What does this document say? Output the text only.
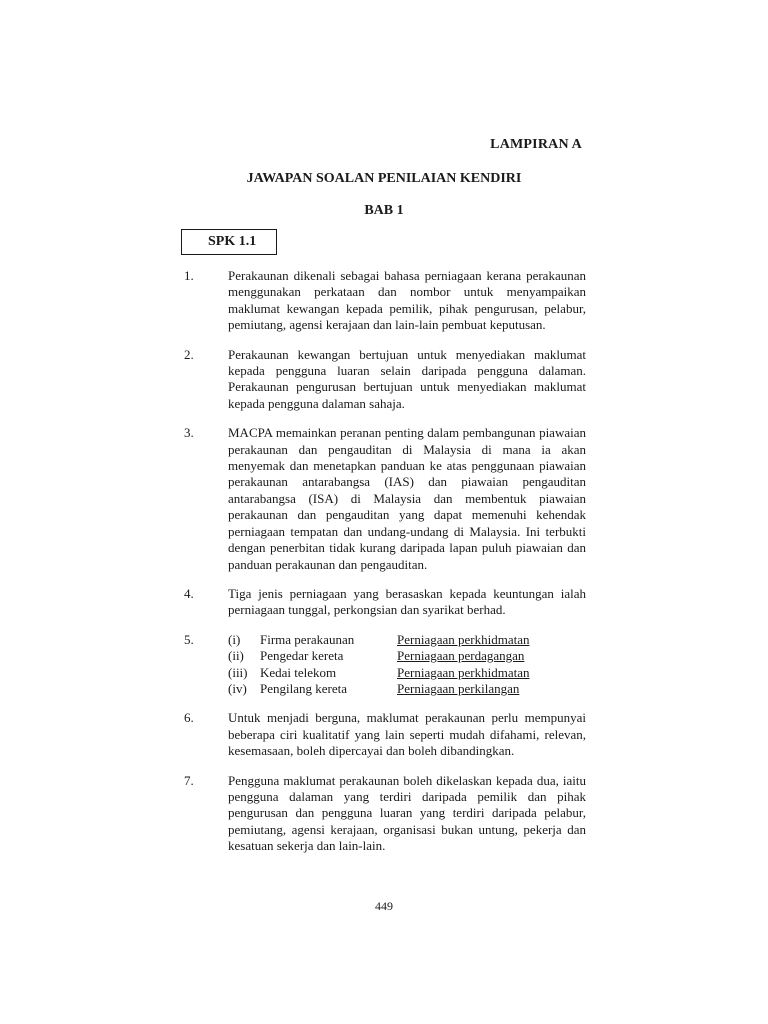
LAMPIRAN A
JAWAPAN SOALAN PENILAIAN KENDIRI
BAB 1
SPK 1.1
1.	Perakaunan dikenali sebagai bahasa perniagaan kerana perakaunan menggunakan perkataan dan nombor untuk menyampaikan maklumat kewangan kepada pemilik, pihak pengurusan, pelabur, pemiutang, agensi kerajaan dan lain-lain pembuat keputusan.
2.	Perakaunan kewangan bertujuan untuk menyediakan maklumat kepada pengguna luaran selain daripada pengguna dalaman. Perakaunan pengurusan bertujuan untuk menyediakan maklumat kepada pengguna dalaman sahaja.
3.	MACPA memainkan peranan penting dalam pembangunan piawaian perakaunan dan pengauditan di Malaysia di mana ia akan menyemak dan menetapkan panduan ke atas penggunaan piawaian perakaunan antarabangsa (IAS) dan piawaian pengauditan antarabangsa (ISA) di Malaysia dan membentuk piawaian perakaunan dan pengauditan yang dapat memenuhi kehendak perniagaan tempatan dan undang-undang di Malaysia. Ini terbukti dengan penerbitan tidak kurang daripada lapan puluh piawaian dan panduan perakaunan dan pengauditan.
4.	Tiga jenis perniagaan yang berasaskan kepada keuntungan ialah perniagaan tunggal, perkongsian dan syarikat berhad.
5.	(i)	Firma perakaunan	Perniagaan perkhidmatan
(ii)	Pengedar kereta	Perniagaan perdagangan
(iii)	Kedai telekom	Perniagaan perkhidmatan
(iv)	Pengilang kereta	Perniagaan perkilangan
6.	Untuk menjadi berguna, maklumat perakaunan perlu mempunyai beberapa ciri kualitatif yang lain seperti mudah difahami, relevan, kesemasaan, boleh dipercayai dan boleh dibandingkan.
7.	Pengguna maklumat perakaunan boleh dikelaskan kepada dua, iaitu pengguna dalaman yang terdiri daripada pemilik dan pihak pengurusan dan pengguna luaran yang terdiri daripada pelabur, pemiutang, agensi kerajaan, organisasi bukan untung, pekerja dan kesatuan sekerja dan lain-lain.
449
